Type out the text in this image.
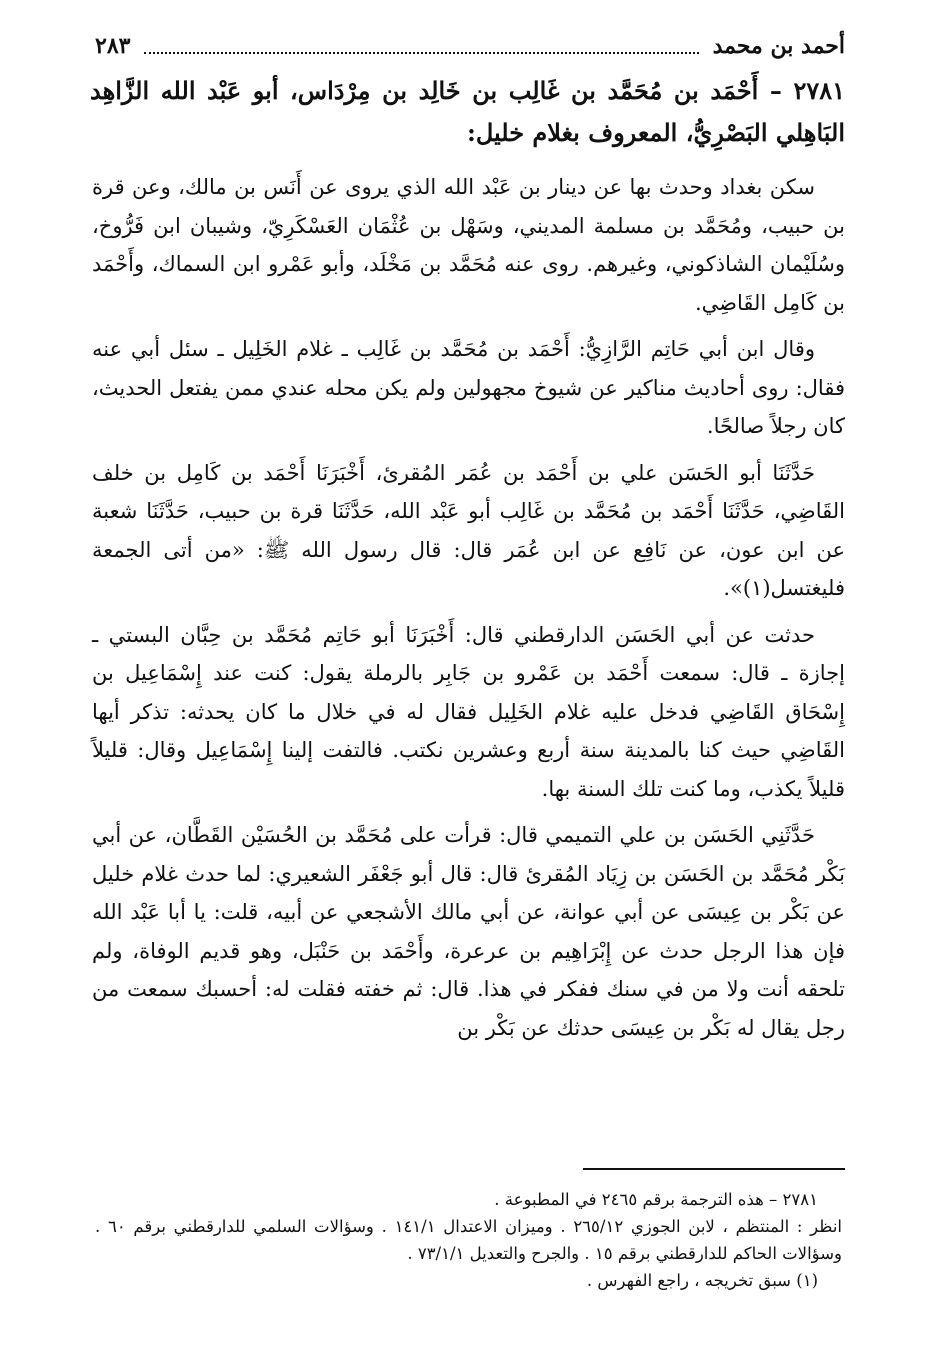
أحمد بن محمد
٢٨٣
٢٧٨١ – أَحْمَد بن مُحَمَّد بن غَالِب بن خَالِد بن مِرْدَاس، أبو عَبْد الله الزَّاهِد البَاهِلي البَصْرِيُّ، المعروف بغلام خليل:

سكن بغداد وحدث بها عن دينار بن عَبْد الله الذي يروى عن أَنَس بن مالك، وعن قرة بن حبيب، ومُحَمَّد بن مسلمة المديني، وسَهْل بن عُثْمَان العَسْكَرِيّ، وشيبان ابن فَرُّوخ، وسُلَيْمان الشاذكوني، وغيرهم. روى عنه مُحَمَّد بن مَخْلَد، وأبو عَمْرو ابن السماك، وأَحْمَد بن كَامِل القَاضِي.

وقال ابن أبي حَاتِم الرَّازِيُّ: أَحْمَد بن مُحَمَّد بن غَالِب ـ غلام الخَلِيل ـ سئل أبي عنه فقال: روى أحاديث مناكير عن شيوخ مجهولين ولم يكن محله عندي ممن يفتعل الحديث، كان رجلاً صالحًا.

حَدَّثَنَا أبو الحَسَن علي بن أَحْمَد بن عُمَر المُقرئ، أَخْبَرَنَا أَحْمَد بن كَامِل بن خلف القَاضِي، حَدَّثَنَا أَحْمَد بن مُحَمَّد بن غَالِب أبو عَبْد الله، حَدَّثَنَا قرة بن حبيب، حَدَّثَنَا شعبة عن ابن عون، عن نَافِع عن ابن عُمَر قال: قال رسول الله ﷺ: «من أتى الجمعة فليغتسل(١)».

حدثت عن أبي الحَسَن الدارقطني قال: أَخْبَرَنَا أبو حَاتِم مُحَمَّد بن حِبَّان البستي ـ إجازة ـ قال: سمعت أَحْمَد بن عَمْرو بن جَابِر بالرملة يقول: كنت عند إِسْمَاعِيل بن إِسْحَاق القَاضِي فدخل عليه غلام الخَلِيل فقال له في خلال ما كان يحدثه: تذكر أيها القَاضِي حيث كنا بالمدينة سنة أربع وعشرين نكتب. فالتفت إلينا إِسْمَاعِيل وقال: قليلاً قليلاً يكذب، وما كنت تلك السنة بها.

حَدَّثَنِي الحَسَن بن علي التميمي قال: قرأت على مُحَمَّد بن الحُسَيْن القَطَّان، عن أبي بَكْر مُحَمَّد بن الحَسَن بن زِيَاد المُقرئ قال: قال أبو جَعْفَر الشعيري: لما حدث غلام خليل عن بَكْر بن عِيسَى عن أبي عوانة، عن أبي مالك الأشجعي عن أبيه، قلت: يا أبا عَبْد الله فإن هذا الرجل حدث عن إِبْرَاهِيم بن عرعرة، وأَحْمَد بن حَنْبَل، وهو قديم الوفاة، ولم تلحقه أنت ولا من في سنك ففكر في هذا. قال: ثم خفته فقلت له: أحسبك سمعت من رجل يقال له بَكْر بن عِيسَى حدثك عن بَكْر بن

٢٧٨١ – هذه الترجمة برقم ٢٤٦٥ في المطبوعة .

انظر : المنتظم ، لابن الجوزي ٢٦٥/١٢ . وميزان الاعتدال ١٤١/١ . وسؤالات السلمي للدارقطني برقم ٦٠ . وسؤالات الحاكم للدارقطني برقم ١٥ . والجرح والتعديل ٧٣/١/١ .

(١) سبق تخريجه ، راجع الفهرس .
